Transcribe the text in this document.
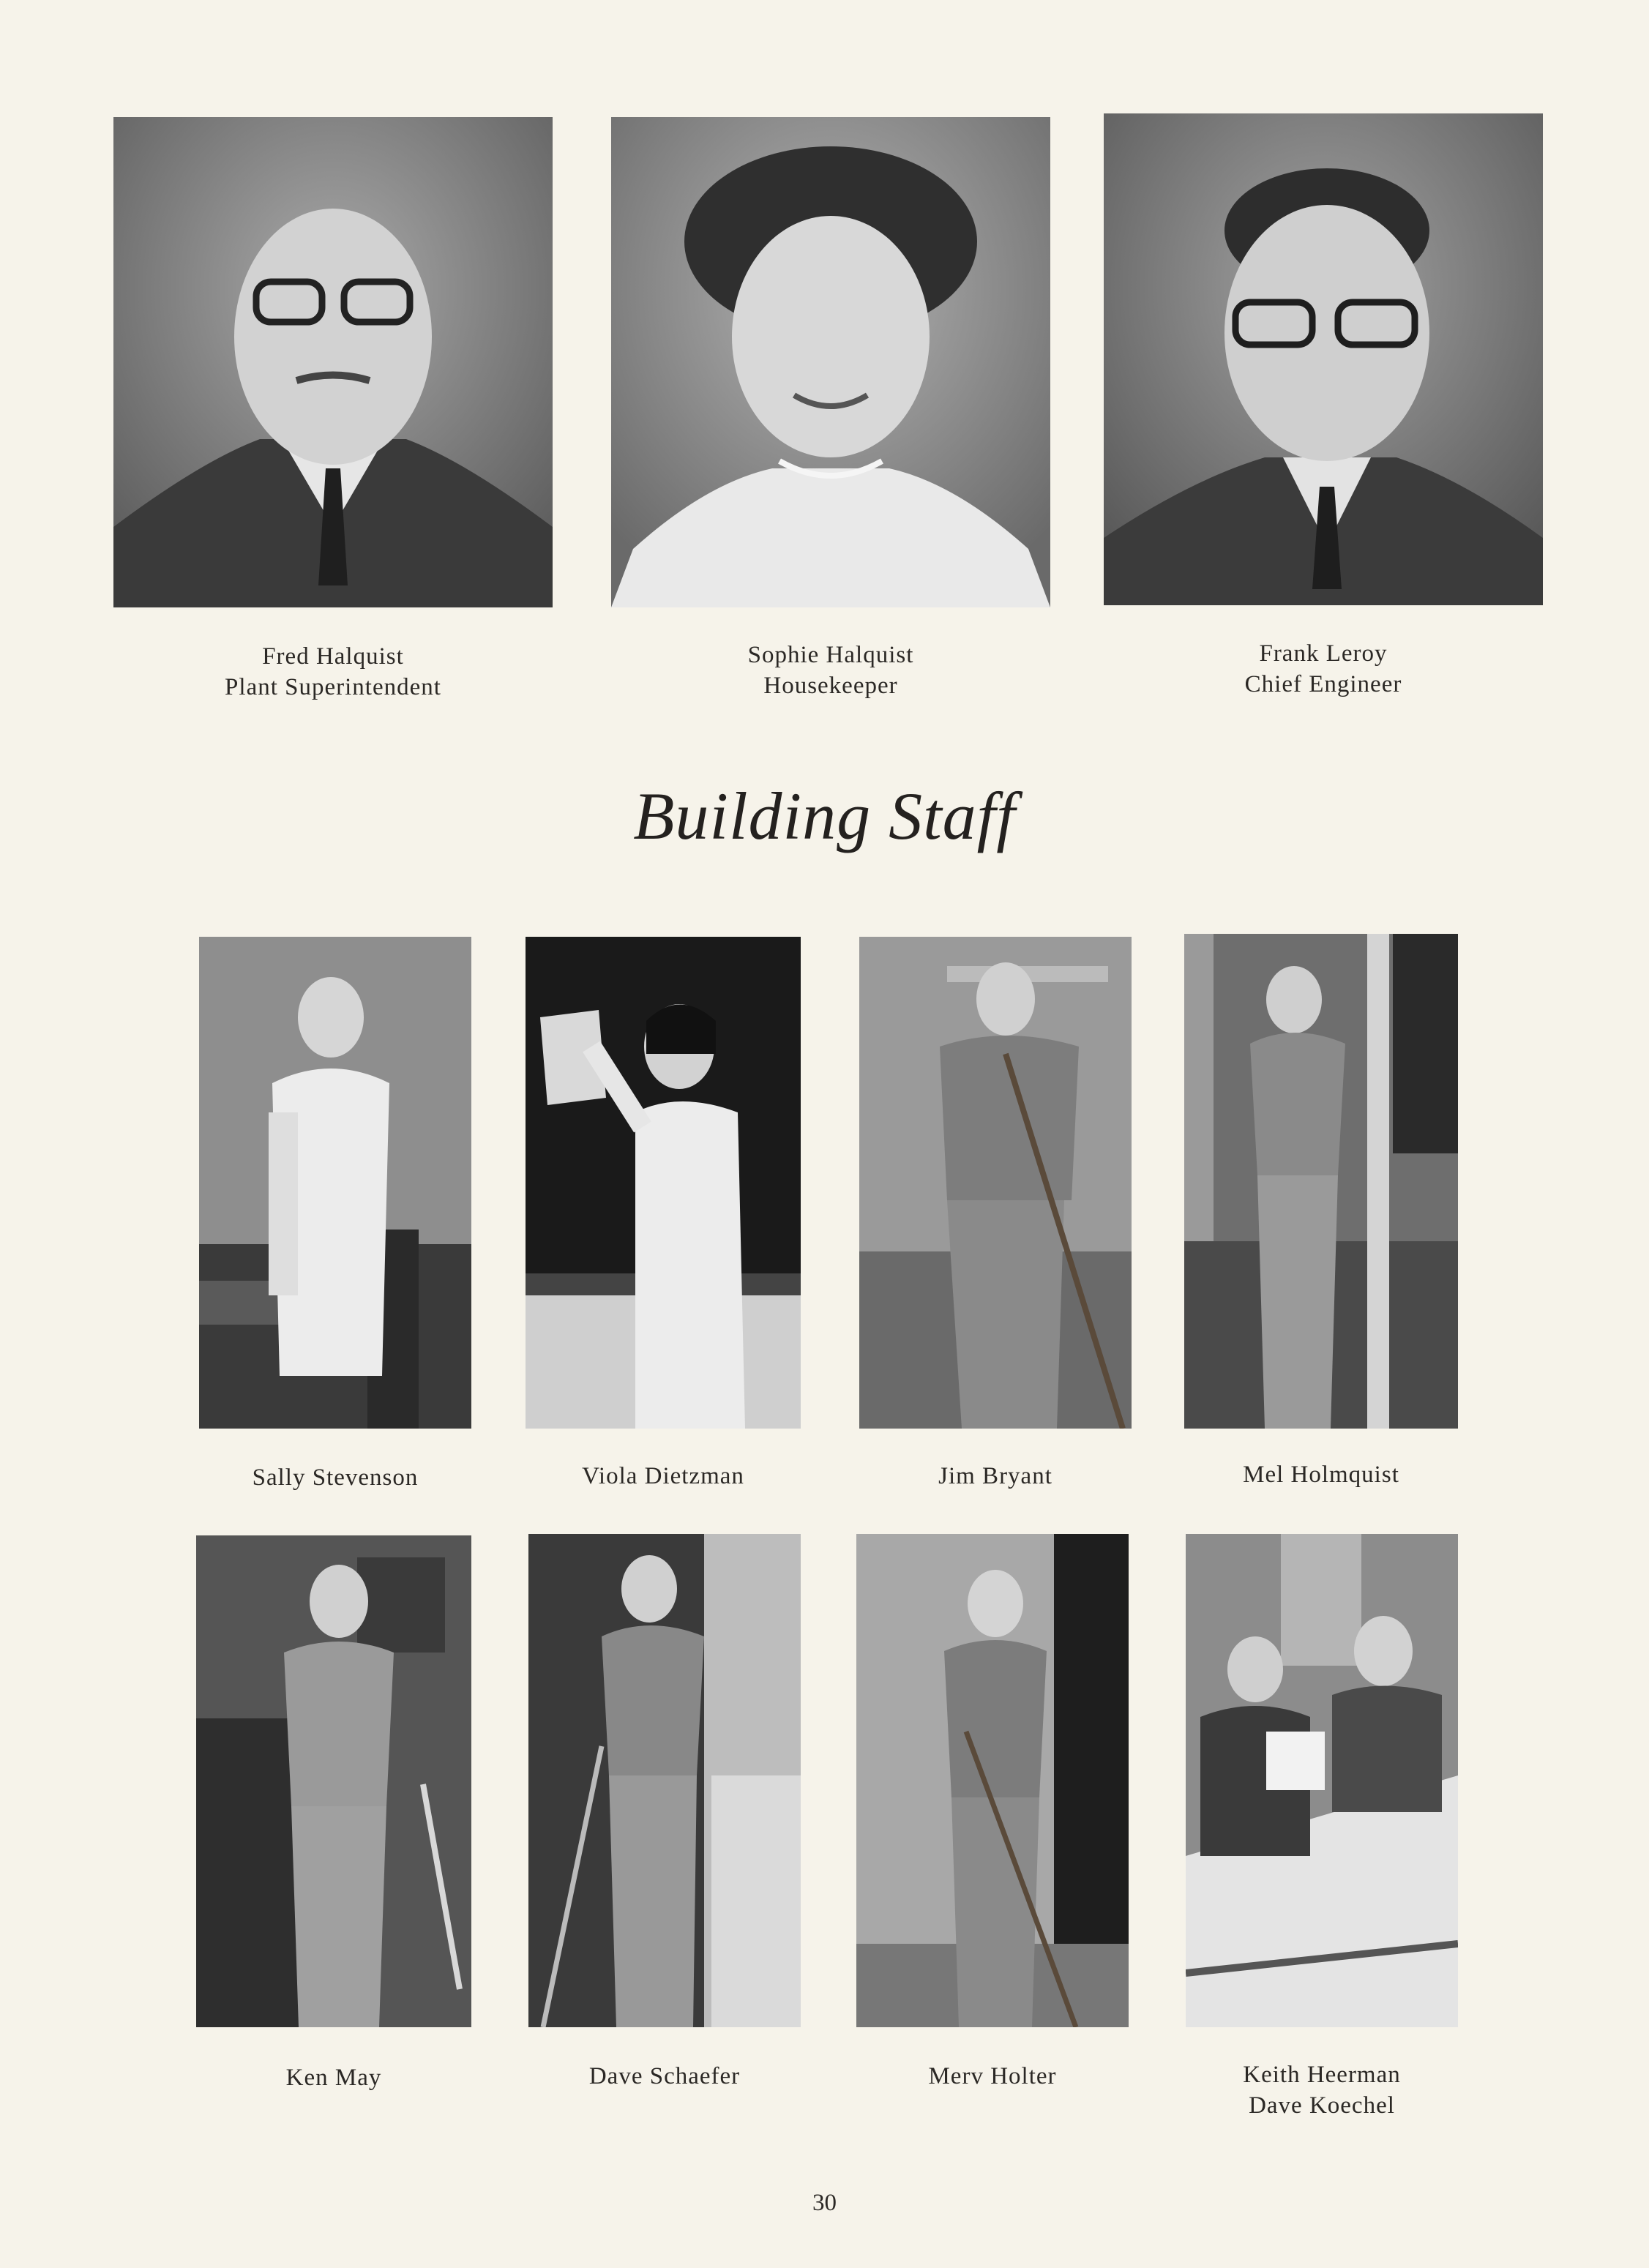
Fred Halquist
Plant Superintendent
Sophie Halquist
Housekeeper
Frank Leroy
Chief Engineer
Building Staff
Sally Stevenson	Viola Dietzman	Jim Bryant	Mel Holmquist
Ken May	Dave Schaefer	Merv Holter	Keith Heerman
Dave Koechel
30
